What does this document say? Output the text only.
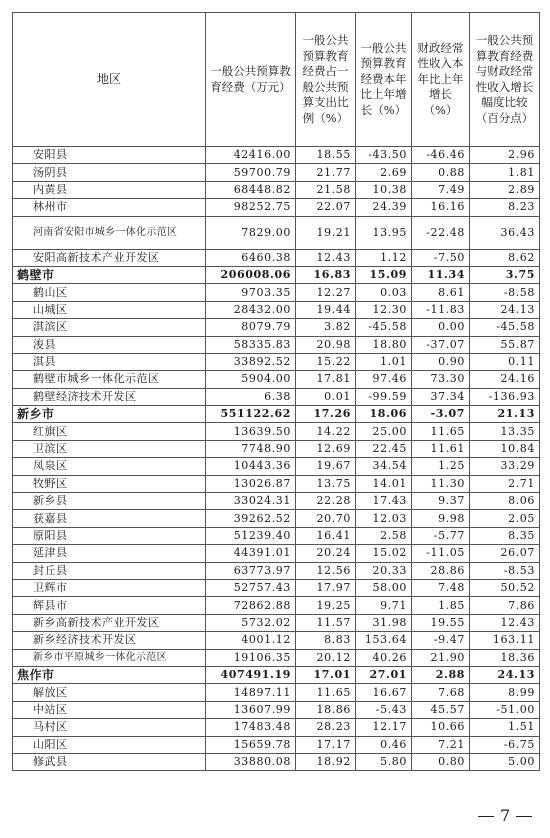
地区	一般公共预算教育经费（万元）	一般公共预算教育经费占一般公共预算支出比例（%）	一般公共预算教育经费本年比上年增长（%）	财政经常性收入本年比上年增长（%）	一般公共预算教育经费与财政经常性收入增长幅度比较（百分点）
安阳县	42416.00	18.55	-43.50	-46.46	2.96
汤阴县	59700.79	21.77	2.69	0.88	1.81
内黄县	68448.82	21.58	10.38	7.49	2.89
林州市	98252.75	22.07	24.39	16.16	8.23
河南省安阳市城乡一体化示范区	7829.00	19.21	13.95	-22.48	36.43
安阳高新技术产业开发区	6460.38	12.43	1.12	-7.50	8.62
鹤壁市	206008.06	16.83	15.09	11.34	3.75
鹤山区	9703.35	12.27	0.03	8.61	-8.58
山城区	28432.00	19.44	12.30	-11.83	24.13
淇滨区	8079.79	3.82	-45.58	0.00	-45.58
浚县	58335.83	20.98	18.80	-37.07	55.87
淇县	33892.52	15.22	1.01	0.90	0.11
鹤壁市城乡一体化示范区	5904.00	17.81	97.46	73.30	24.16
鹤壁经济技术开发区	6.38	0.01	-99.59	37.34	-136.93
新乡市	551122.62	17.26	18.06	-3.07	21.13
红旗区	13639.50	14.22	25.00	11.65	13.35
卫滨区	7748.90	12.69	22.45	11.61	10.84
凤泉区	10443.36	19.67	34.54	1.25	33.29
牧野区	13026.87	13.75	14.01	11.30	2.71
新乡县	33024.31	22.28	17.43	9.37	8.06
获嘉县	39262.52	20.70	12.03	9.98	2.05
原阳县	51239.40	16.41	2.58	-5.77	8.35
延津县	44391.01	20.24	15.02	-11.05	26.07
封丘县	63773.97	12.56	20.33	28.86	-8.53
卫辉市	52757.43	17.97	58.00	7.48	50.52
辉县市	72862.88	19.25	9.71	1.85	7.86
新乡高新技术产业开发区	5732.02	11.57	31.98	19.55	12.43
新乡经济技术开发区	4001.12	8.83	153.64	-9.47	163.11
新乡市平原城乡一体化示范区	19106.35	20.12	40.26	21.90	18.36
焦作市	407491.19	17.01	27.01	2.88	24.13
解放区	14897.11	11.65	16.67	7.68	8.99
中站区	13607.99	18.86	-5.43	45.57	-51.00
马村区	17483.48	28.23	12.17	10.66	1.51
山阳区	15659.78	17.17	0.46	7.21	-6.75
修武县	33880.08	18.92	5.80	0.80	5.00
7
